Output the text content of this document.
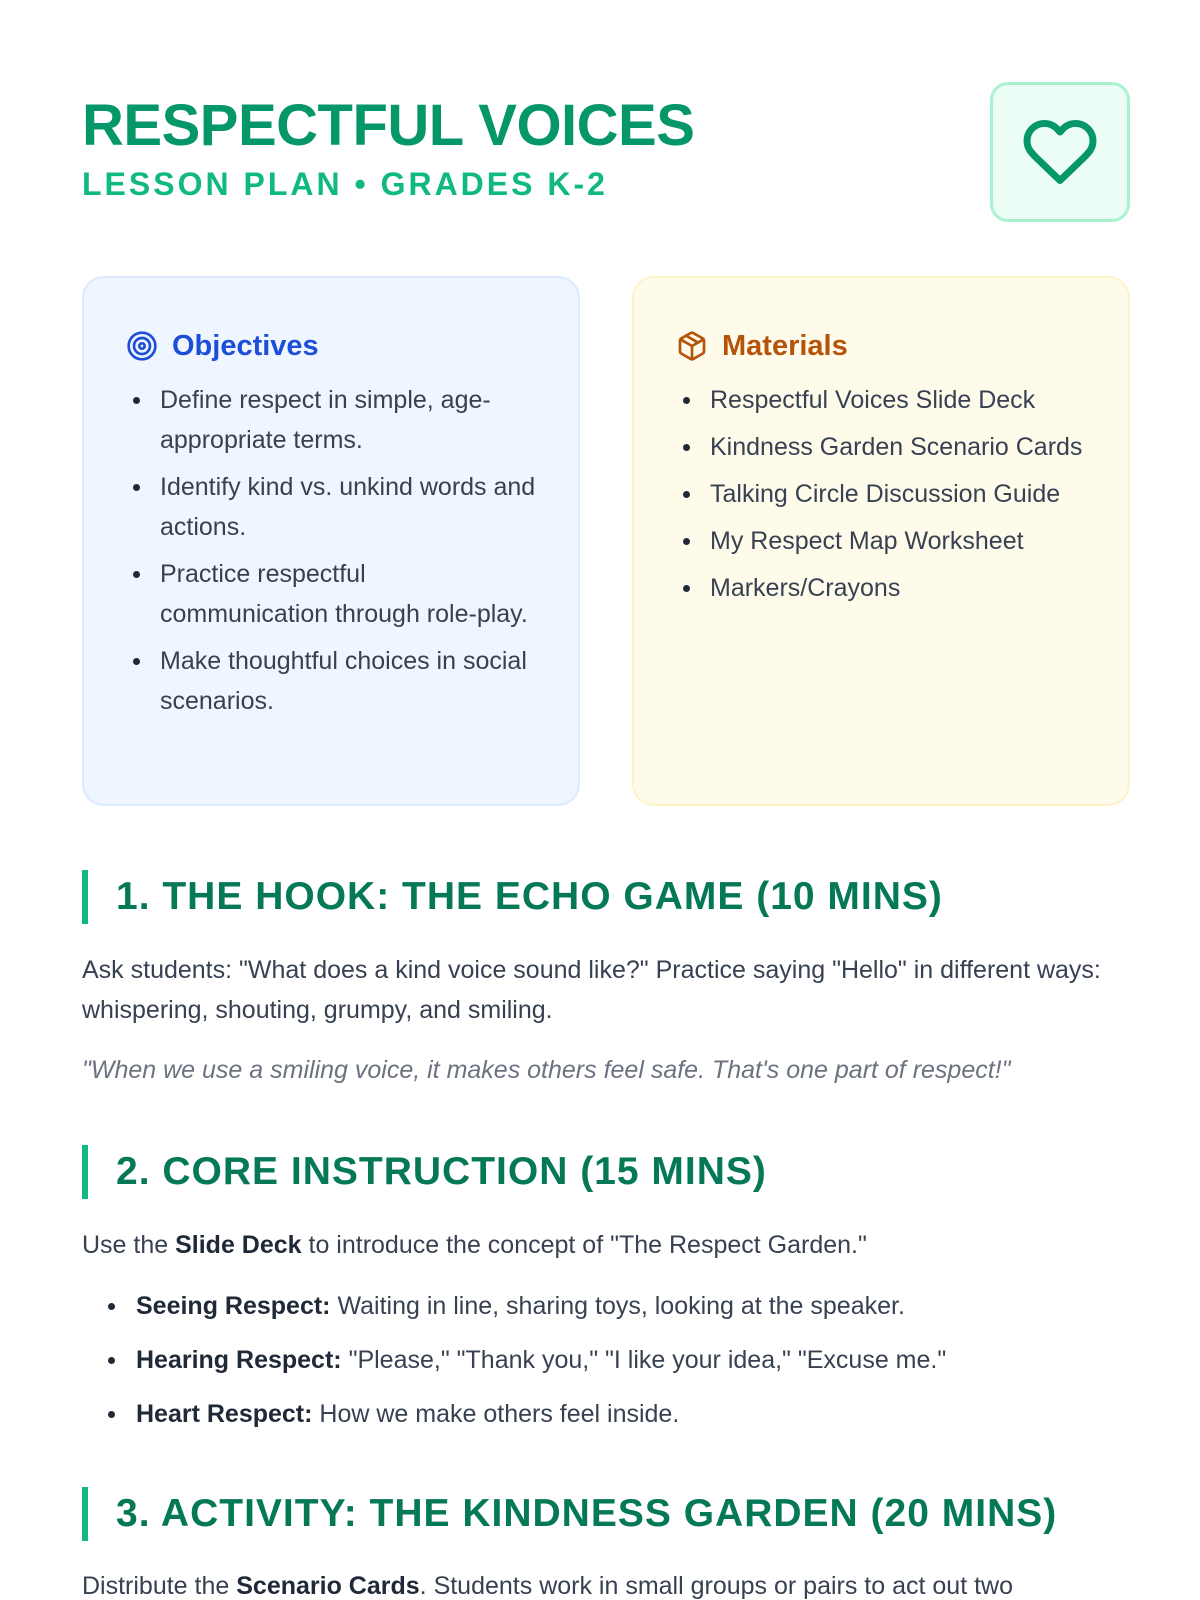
RESPECTFUL VOICES
LESSON PLAN • GRADES K-2
Objectives
Define respect in simple, age-appropriate terms.
Identify kind vs. unkind words and actions.
Practice respectful communication through role-play.
Make thoughtful choices in social scenarios.
Materials
Respectful Voices Slide Deck
Kindness Garden Scenario Cards
Talking Circle Discussion Guide
My Respect Map Worksheet
Markers/Crayons
1. THE HOOK: THE ECHO GAME (10 MINS)

Ask students: "What does a kind voice sound like?" Practice saying "Hello" in different ways: whispering, shouting, grumpy, and smiling.

"When we use a smiling voice, it makes others feel safe. That's one part of respect!"

2. CORE INSTRUCTION (15 MINS)

Use the Slide Deck to introduce the concept of "The Respect Garden."

Seeing Respect: Waiting in line, sharing toys, looking at the speaker.
Hearing Respect: "Please," "Thank you," "I like your idea," "Excuse me."
Heart Respect: How we make others feel inside.
3. ACTIVITY: THE KINDNESS GARDEN (20 MINS)

Distribute the Scenario Cards. Students work in small groups or pairs to act out two
